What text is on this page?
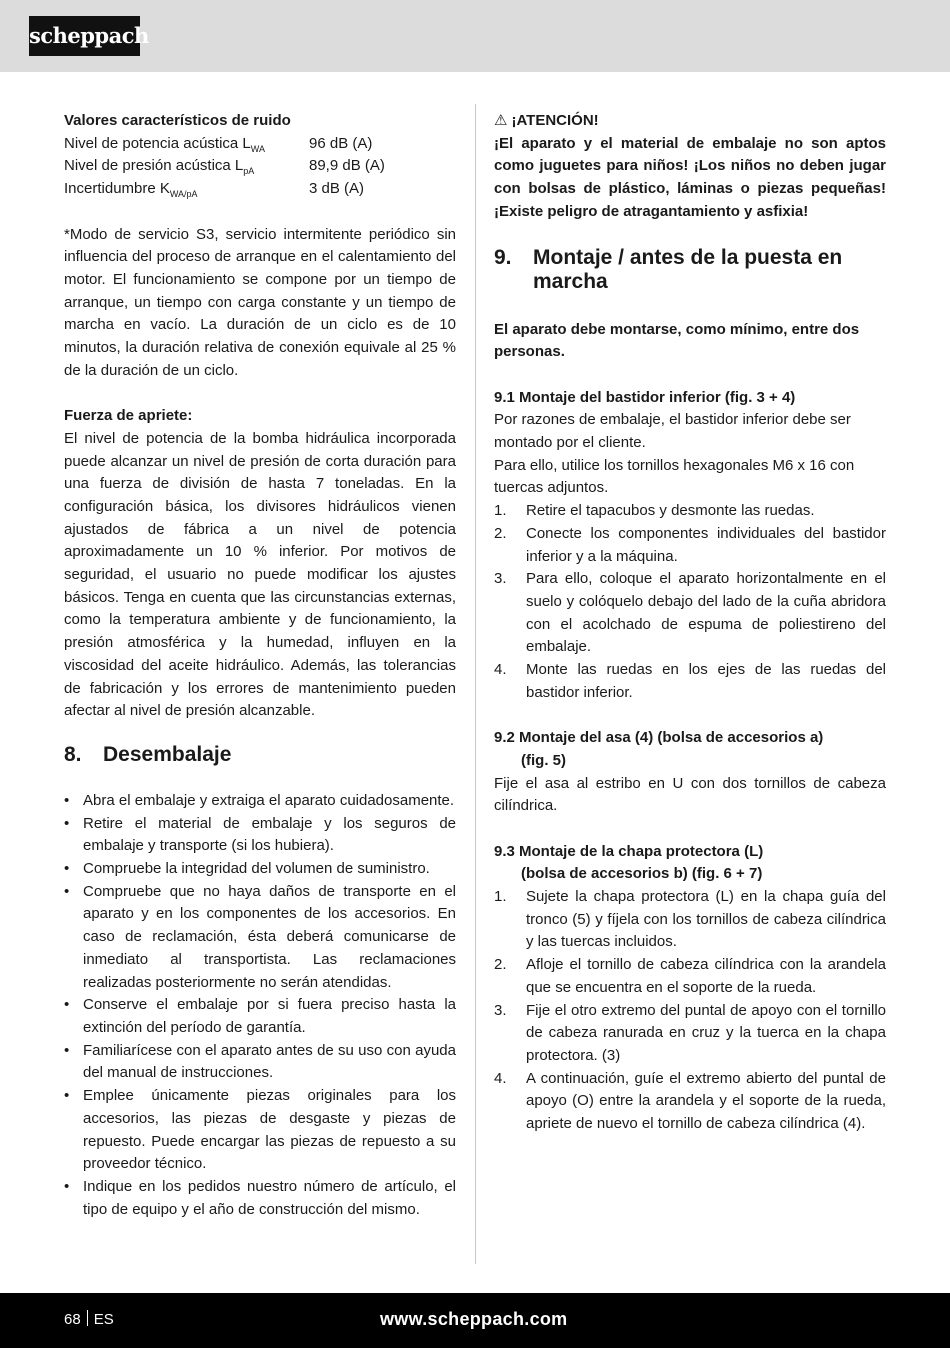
scheppach

Valores característicos de ruido

Nivel de potencia acústica $L_{WA}$	96 dB (A)
Nivel de presión acústica $L_{pA}$	89,9 dB (A)
Incertidumbre $K_{WA/pA}$	3 dB (A)

*Modo de servicio S3, servicio intermitente periódico sin influencia del proceso de arranque en el calentamiento del motor. El funcionamiento se compone por un tiempo de arranque, un tiempo con carga constante y un tiempo de marcha en vacío. La duración de un ciclo es de 10 minutos, la duración relativa de conexión equivale al 25 % de la duración de un ciclo.

Fuerza de apriete:

El nivel de potencia de la bomba hidráulica incorporada puede alcanzar un nivel de presión de corta duración para una fuerza de división de hasta 7 toneladas. En la configuración básica, los divisores hidráulicos vienen ajustados de fábrica a un nivel de potencia aproximadamente un 10 % inferior. Por motivos de seguridad, el usuario no puede modificar los ajustes básicos. Tenga en cuenta que las circunstancias externas, como la temperatura ambiente y de funcionamiento, la presión atmosférica y la humedad, influyen en la viscosidad del aceite hidráulico. Además, las tolerancias de fabricación y los errores de mantenimiento pueden afectar al nivel de presión alcanzable.

8.	Desembalaje
• Abra el embalaje y extraiga el aparato cuidadosamente.
• Retire el material de embalaje y los seguros de embalaje y transporte (si los hubiera).
• Compruebe la integridad del volumen de suministro.
• Compruebe que no haya daños de transporte en el aparato y en los componentes de los accesorios. En caso de reclamación, ésta deberá comunicarse de inmediato al transportista. Las reclamaciones realizadas posteriormente no serán atendidas.
• Conserve el embalaje por si fuera preciso hasta la extinción del período de garantía.
• Familiarícese con el aparato antes de su uso con ayuda del manual de instrucciones.
• Emplee únicamente piezas originales para los accesorios, las piezas de desgaste y piezas de repuesto. Puede encargar las piezas de repuesto a su proveedor técnico.
• Indique en los pedidos nuestro número de artículo, el tipo de equipo y el año de construcción del mismo.

⚠ ¡ATENCIÓN!

¡El aparato y el material de embalaje no son aptos como juguetes para niños! ¡Los niños no deben jugar con bolsas de plástico, láminas o piezas pequeñas! ¡Existe peligro de atragantamiento y asfixia!

9.	Montaje / antes de la puesta en marcha

El aparato debe montarse, como mínimo, entre dos personas.

9.1 Montaje del bastidor inferior (fig. 3 + 4)

Por razones de embalaje, el bastidor inferior debe ser montado por el cliente.

Para ello, utilice los tornillos hexagonales M6 x 16 con tuercas adjuntos.

1. Retire el tapacubos y desmonte las ruedas.
2. Conecte los componentes individuales del bastidor inferior y a la máquina.
3. Para ello, coloque el aparato horizontalmente en el suelo y colóquelo debajo del lado de la cuña abridora con el acolchado de espuma de poliestireno del embalaje.
4. Monte las ruedas en los ejes de las ruedas del bastidor inferior.

9.2 Montaje del asa (4) (bolsa de accesorios a)

(fig. 5)

Fije el asa al estribo en U con dos tornillos de cabeza cilíndrica.

9.3 Montaje de la chapa protectora (L)

(bolsa de accesorios b) (fig. 6 + 7)

1. Sujete la chapa protectora (L) en la chapa guía del tronco (5) y fíjela con los tornillos de cabeza cilíndrica y las tuercas incluidos.
2. Afloje el tornillo de cabeza cilíndrica con la arandela que se encuentra en el soporte de la rueda.
3. Fije el otro extremo del puntal de apoyo con el tornillo de cabeza ranurada en cruz y la tuerca en la chapa protectora. (3)
4. A continuación, guíe el extremo abierto del puntal de apoyo (O) entre la arandela y el soporte de la rueda, apriete de nuevo el tornillo de cabeza cilíndrica (4).
68 ES	www.scheppach.com
